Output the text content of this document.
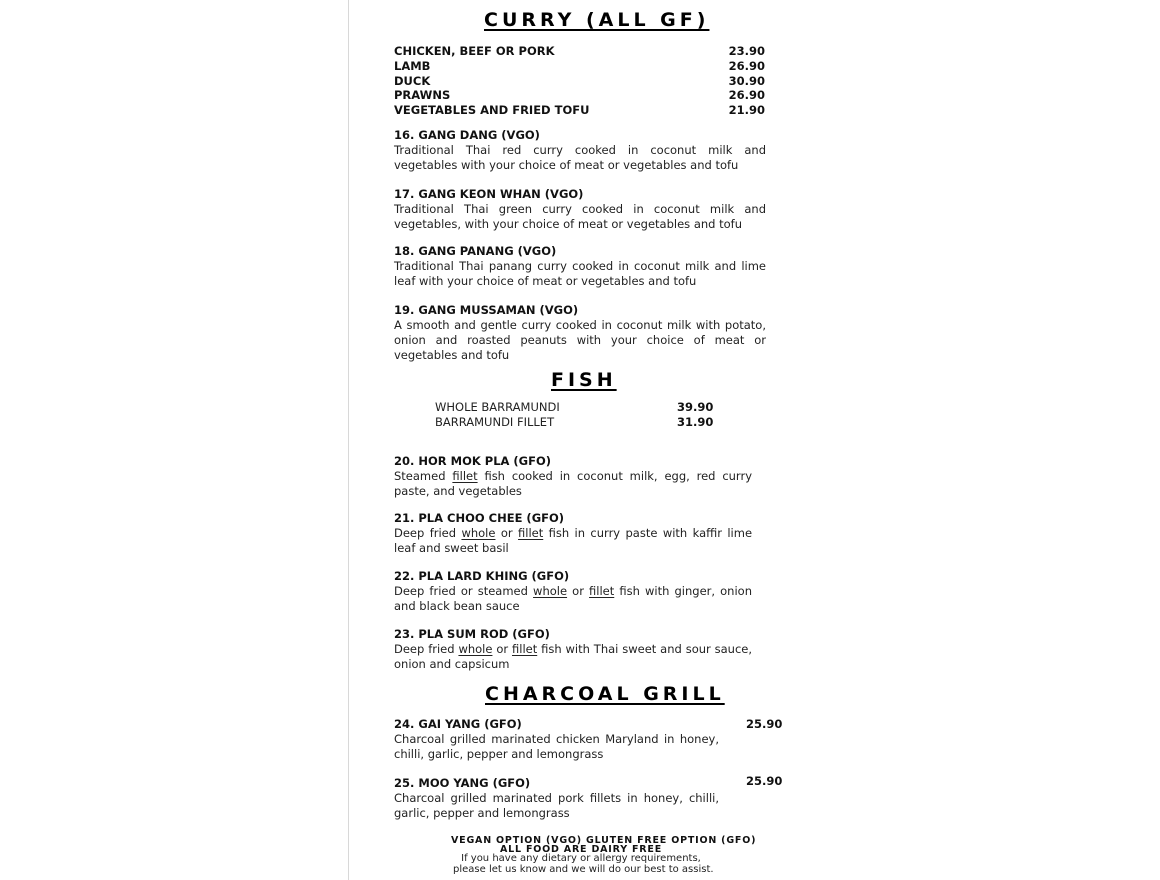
CURRY (ALL GF)
CHICKEN, BEEF OR PORK	23.90
LAMB	26.90
DUCK	30.90
PRAWNS	26.90
VEGETABLES AND FRIED TOFU	21.90
16. GANG DANG (VGO)
Traditional Thai red curry cooked in coconut milk and vegetables with your choice of meat or vegetables and tofu
17. GANG KEON WHAN (VGO)
Traditional Thai green curry cooked in coconut milk and vegetables, with your choice of meat or vegetables and tofu
18. GANG PANANG (VGO)
Traditional Thai panang curry cooked in coconut milk and lime leaf with your choice of meat or vegetables and tofu
19. GANG MUSSAMAN (VGO)
A smooth and gentle curry cooked in coconut milk with potato, onion and roasted peanuts with your choice of meat or vegetables and tofu
FISH
WHOLE BARRAMUNDI	39.90
BARRAMUNDI FILLET	31.90
20. HOR MOK PLA (GFO)
Steamed fillet fish cooked in coconut milk, egg, red curry paste, and vegetables
21. PLA CHOO CHEE (GFO)
Deep fried whole or fillet fish in curry paste with kaffir lime leaf and sweet basil
22. PLA LARD KHING (GFO)
Deep fried or steamed whole or fillet fish with ginger, onion and black bean sauce
23. PLA SUM ROD (GFO)
Deep fried whole or fillet fish with Thai sweet and sour sauce, onion and capsicum
CHARCOAL GRILL
24. GAI YANG (GFO)
Charcoal grilled marinated chicken Maryland in honey, chilli, garlic, pepper and lemongrass
25.90
25. MOO YANG (GFO)
Charcoal grilled marinated pork fillets in honey, chilli, garlic, pepper and lemongrass
25.90
VEGAN OPTION (VGO) GLUTEN FREE OPTION (GFO)
ALL FOOD ARE DAIRY FREE
If you have any dietary or allergy requirements,
please let us know and we will do our best to assist.
